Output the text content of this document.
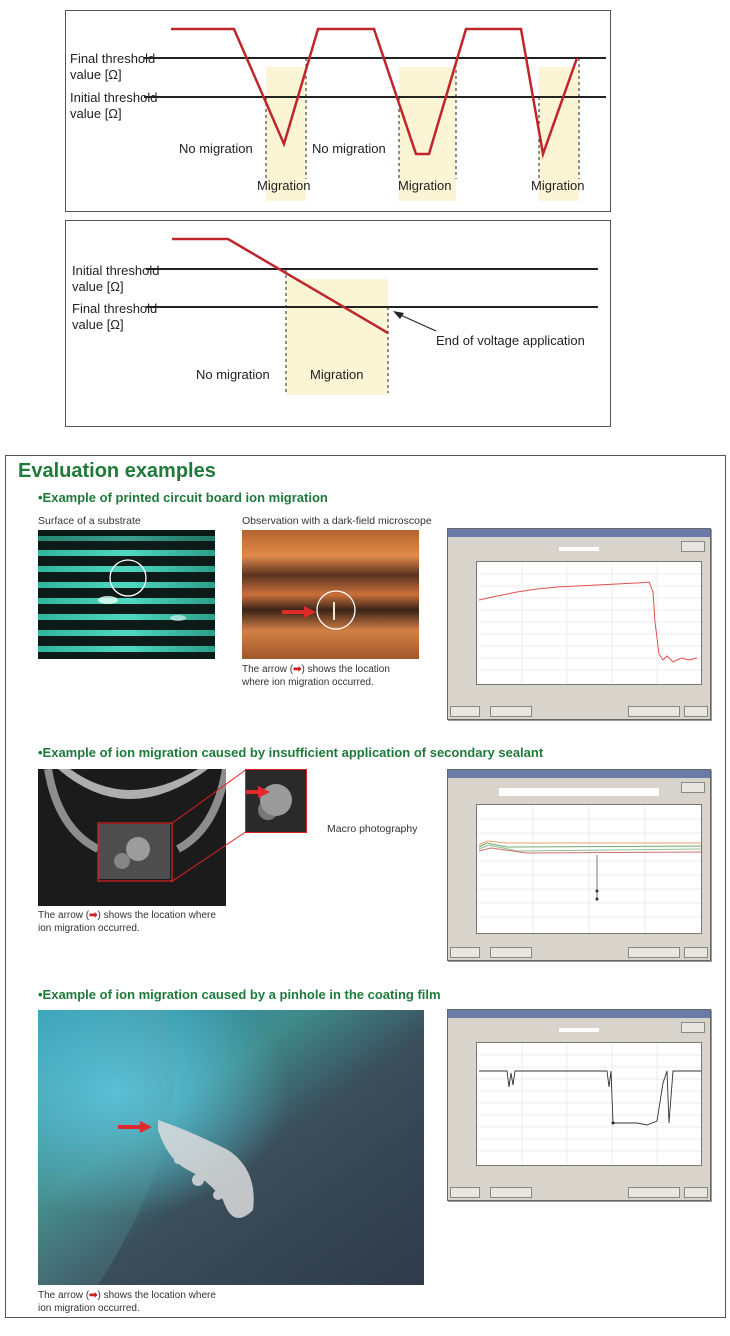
Final threshold
value [Ω]
Initial threshold
value [Ω]
No migration	No migration
Migration	Migration	Migration
Initial threshold
value [Ω]
Final threshold
value [Ω]
End of voltage application
No migration	Migration
Evaluation examples
•Example of printed circuit board ion migration
Surface of a substrate	Observation with a dark-field microscope
The arrow (➡) shows the location
where ion migration occurred.
•Example of ion migration caused by insufficient application of secondary sealant
Macro photography
The arrow (➡) shows the location where
ion migration occurred.
•Example of ion migration caused by a pinhole in the coating film
The arrow (➡) shows the location where
ion migration occurred.
